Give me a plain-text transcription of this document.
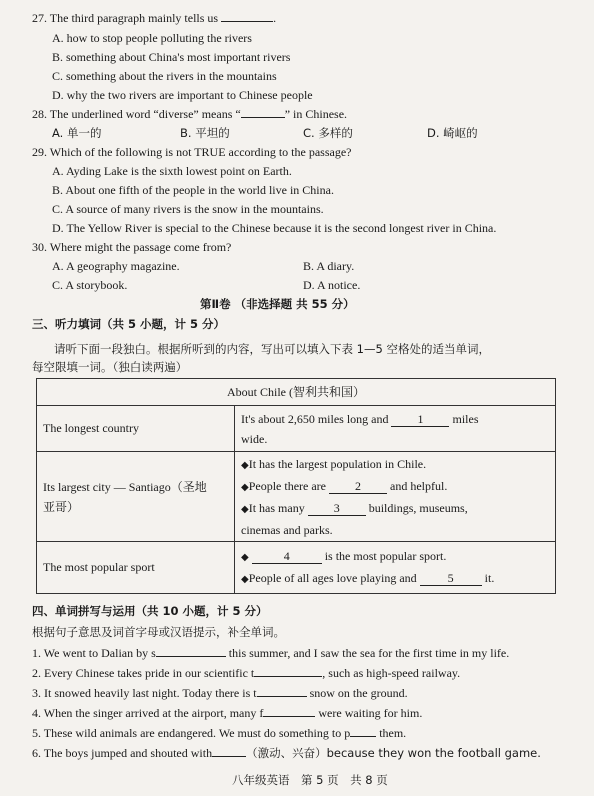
27. The third paragraph mainly tells us	.
A. how to stop people polluting the rivers
B. something about China's most important rivers
C. something about the rivers in the mountains
D. why the two rivers are important to Chinese people
28. The underlined word “diverse” means “	” in Chinese.
A. 单一的	B. 平坦的	C. 多样的	D. 崎岖的
29. Which of the following is not TRUE according to the passage?
A. Ayding Lake is the sixth lowest point on Earth.
B. About one fifth of the people in the world live in China.
C. A source of many rivers is the snow in the mountains.
D. The Yellow River is special to the Chinese because it is the second longest river in China.
30. Where might the passage come from?
A. A geography magazine.	B. A diary.
C. A storybook.	D. A notice.
第Ⅱ卷 （非选择题 共 55 分）
三、听力填词（共 5 小题，计 5 分）
请听下面一段独白。根据所听到的内容，写出可以填入下表 1—5 空格处的适当单词，
每空限填一词。（独白读两遍）
About Chile (智利共和国）	
The longest country	It's about 2,650 miles long and 1 miles
wide.

Its largest city — Santiago（圣地
亚哥）	◆It has the largest population in Chile.
◆People there are 2 and helpful.
◆It has many 3 buildings, museums,
cinemas and parks.

The most popular sport	◆ 4 is the most popular sport.
◆People of all ages love playing and 5 it.
四、单词拼写与运用（共 10 小题，计 5 分）
根据句子意思及词首字母或汉语提示，补全单词。
1. We went to Dalian by s	this summer, and I saw the sea for the first time in my life.
2. Every Chinese takes pride in our scientific t	, such as high-speed railway.
3. It snowed heavily last night. Today there is t	snow on the ground.
4. When the singer arrived at the airport, many f	were waiting for him.
5. These wild animals are endangered. We must do something to p them.
6. The boys jumped and shouted with	（激动、兴奋）because they won the football game.
八年级英语　第 5 页　共 8 页
